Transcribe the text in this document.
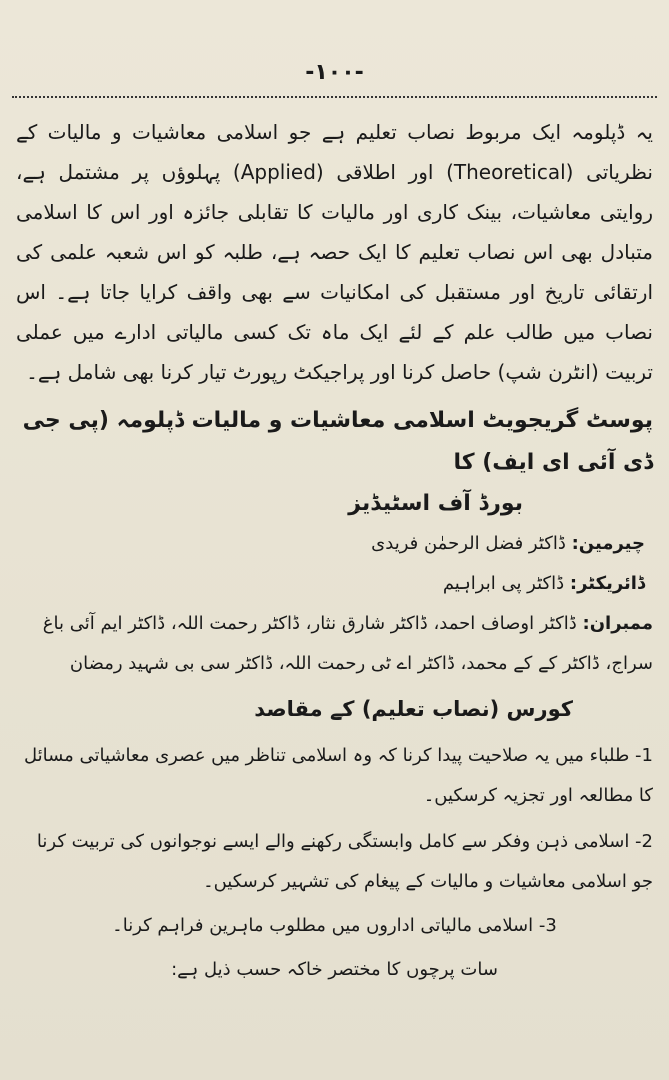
-۱۰۰-

یہ ڈپلومہ ایک مربوط نصاب تعلیم ہے جو اسلامی معاشیات و مالیات کے نظریاتی (Theoretical) اور اطلاقی (Applied) پہلوؤں پر مشتمل ہے، روایتی معاشیات، بینک کاری اور مالیات کا تقابلی جائزہ اور اس کا اسلامی متبادل بھی اس نصاب تعلیم کا ایک حصہ ہے، طلبہ کو اس شعبہ علمی کی ارتقائی تاریخ اور مستقبل کی امکانیات سے بھی واقف کرایا جاتا ہے۔ اس نصاب میں طالب علم کے لئے ایک ماہ تک کسی مالیاتی ادارے میں عملی تربیت (انٹرن شپ) حاصل کرنا اور پراجیکٹ رپورٹ تیار کرنا بھی شامل ہے۔

پوسٹ گریجویٹ اسلامی معاشیات و مالیات ڈپلومہ (پی جی ڈی آئی ای ایف) کا

بورڈ آف اسٹیڈیز

چیرمین: ڈاکٹر فضل الرحمٰن فریدی

ڈائریکٹر: ڈاکٹر پی ابراہیم

ممبران: ڈاکٹر اوصاف احمد، ڈاکٹر شارق نثار، ڈاکٹر رحمت اللہ، ڈاکٹر ایم آئی باغ سراج، ڈاکٹر کے کے محمد، ڈاکٹر اے ٹی رحمت اللہ، ڈاکٹر سی بی شہید رمضان

کورس (نصاب تعلیم) کے مقاصد

1- طلباء میں یہ صلاحیت پیدا کرنا کہ وہ اسلامی تناظر میں عصری معاشیاتی مسائل کا مطالعہ اور تجزیہ کرسکیں۔

2- اسلامی ذہن وفکر سے کامل وابستگی رکھنے والے ایسے نوجوانوں کی تربیت کرنا جو اسلامی معاشیات و مالیات کے پیغام کی تشہیر کرسکیں۔

3- اسلامی مالیاتی اداروں میں مطلوب ماہرین فراہم کرنا۔

سات پرچوں کا مختصر خاکہ حسب ذیل ہے:
